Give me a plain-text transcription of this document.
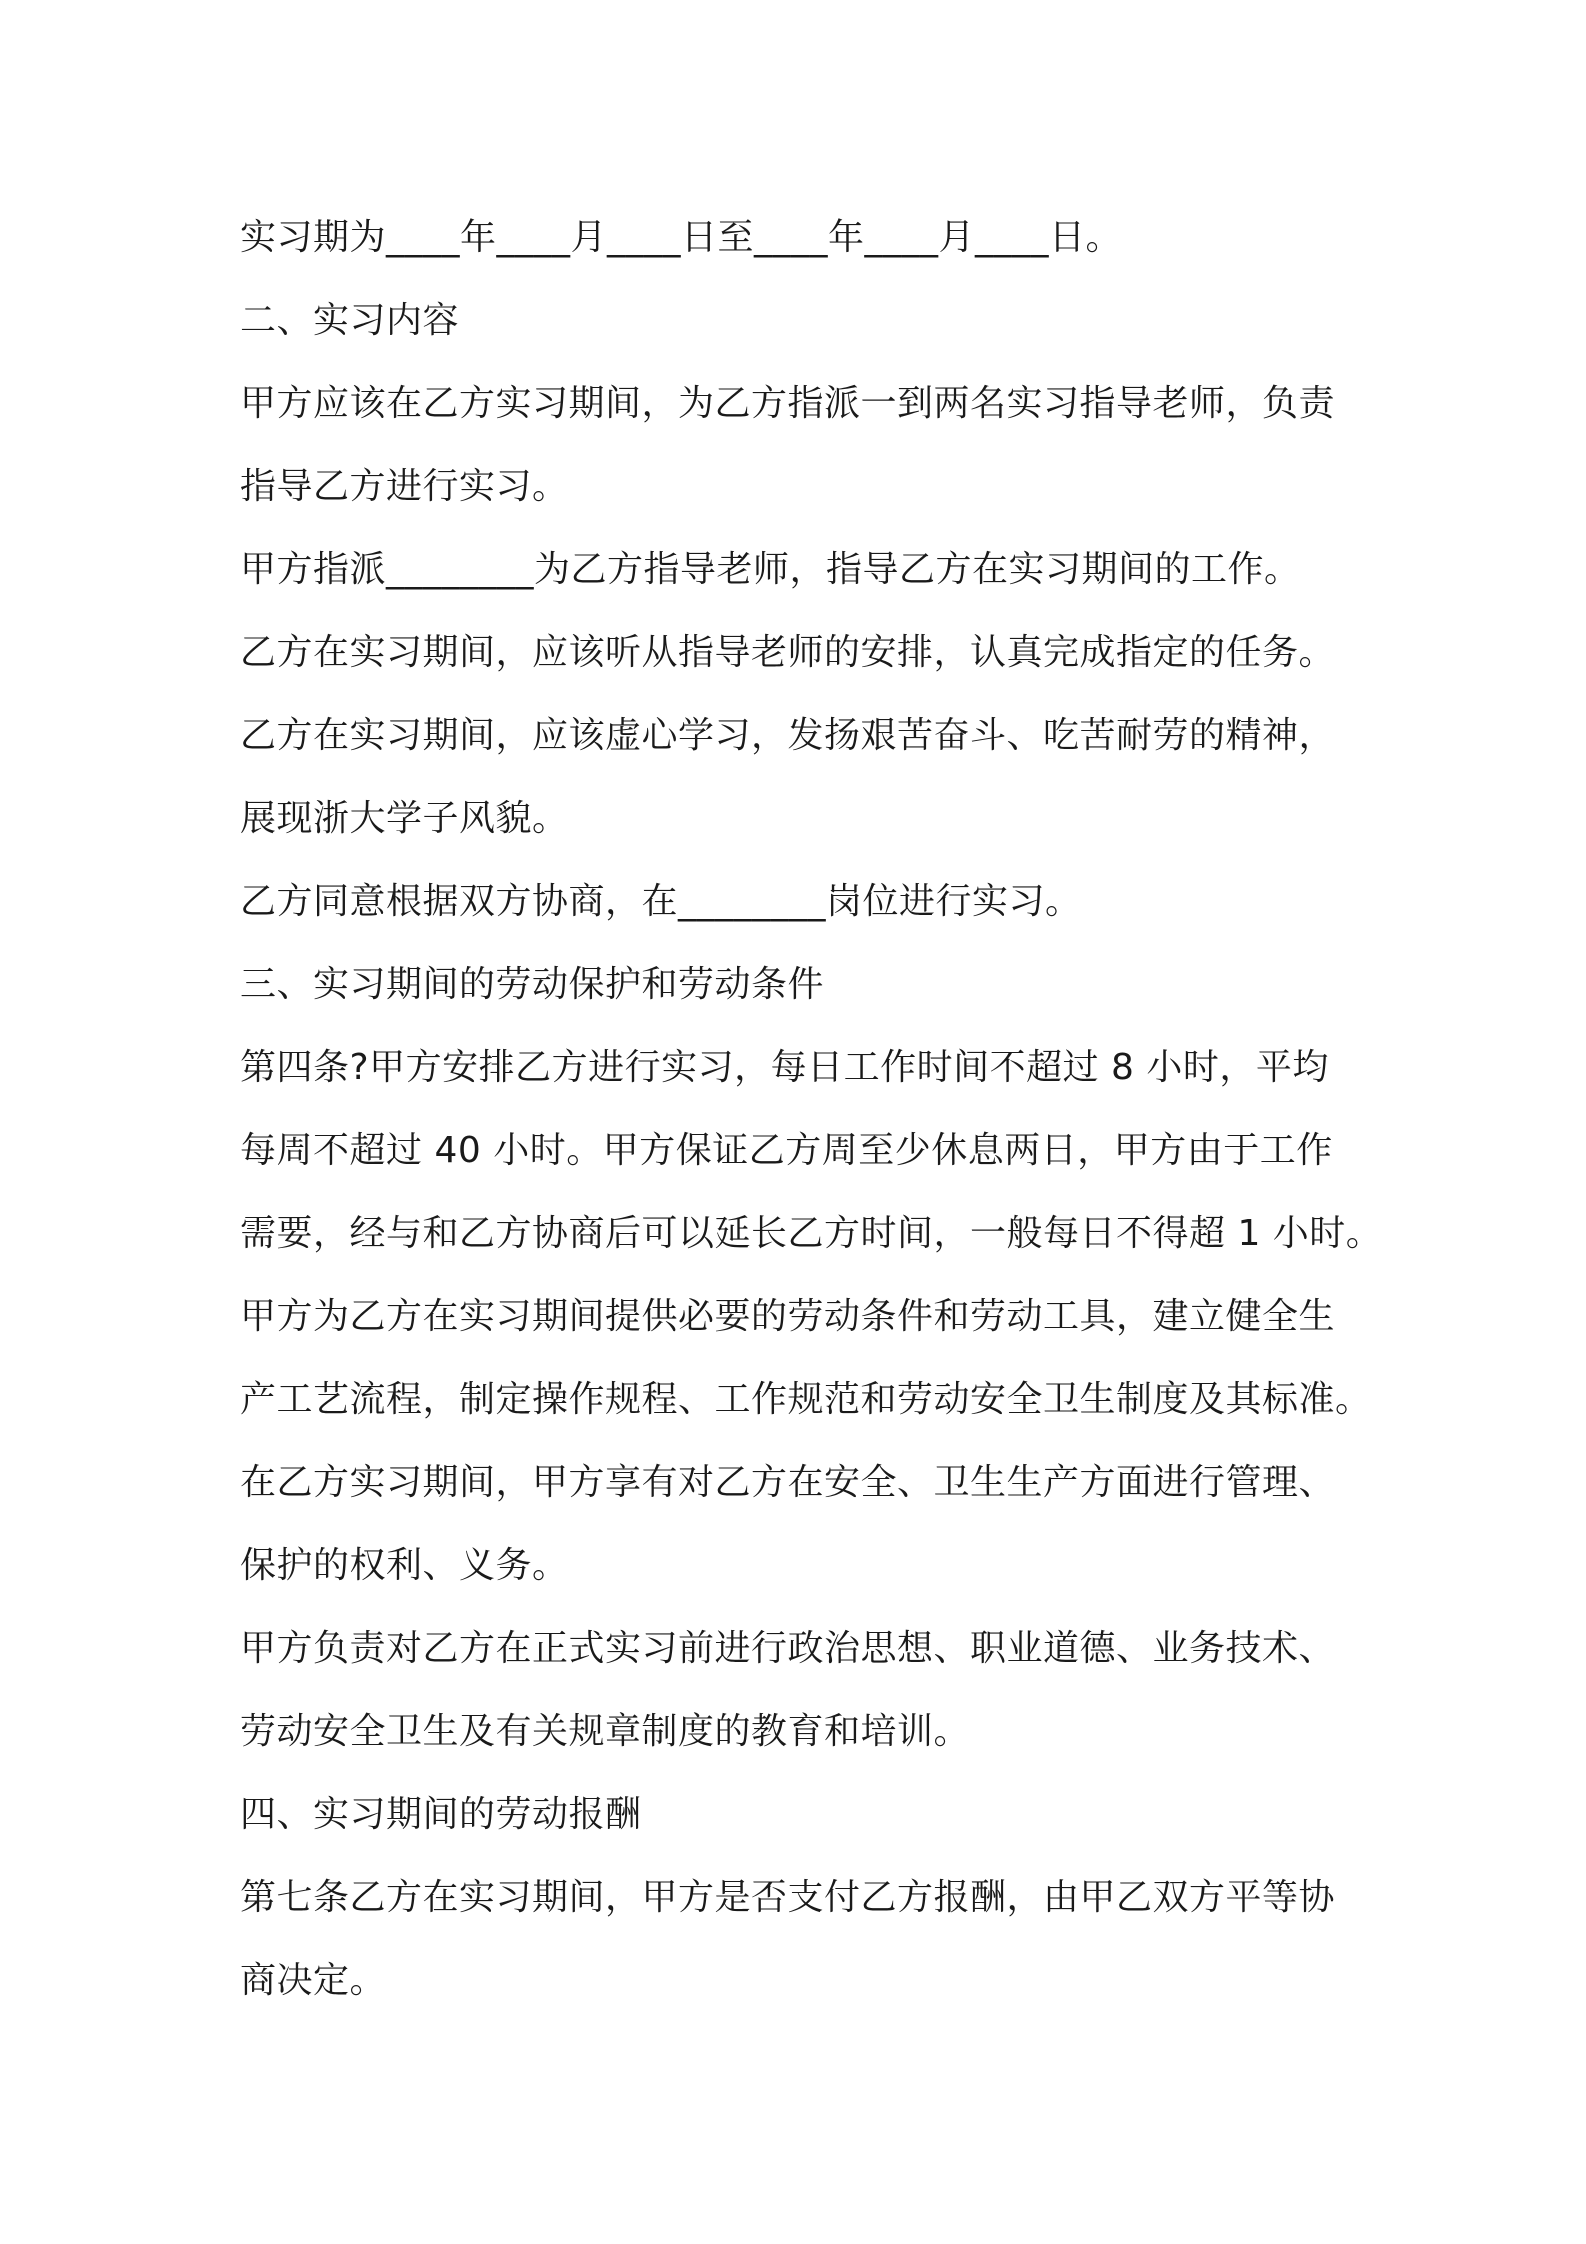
实习期为____年____月____日至____年____月____日。
二、实习内容
甲方应该在乙方实习期间，为乙方指派一到两名实习指导老师，负责
指导乙方进行实习。
甲方指派________为乙方指导老师，指导乙方在实习期间的工作。
乙方在实习期间，应该听从指导老师的安排，认真完成指定的任务。
乙方在实习期间，应该虚心学习，发扬艰苦奋斗、吃苦耐劳的精神，
展现浙大学子风貌。
乙方同意根据双方协商，在________岗位进行实习。
三、实习期间的劳动保护和劳动条件
第四条?甲方安排乙方进行实习，每日工作时间不超过 8 小时，平均
每周不超过 40 小时。甲方保证乙方周至少休息两日，甲方由于工作
需要，经与和乙方协商后可以延长乙方时间，一般每日不得超 1 小时。
甲方为乙方在实习期间提供必要的劳动条件和劳动工具，建立健全生
产工艺流程，制定操作规程、工作规范和劳动安全卫生制度及其标准。
在乙方实习期间，甲方享有对乙方在安全、卫生生产方面进行管理、
保护的权利、义务。
甲方负责对乙方在正式实习前进行政治思想、职业道德、业务技术、
劳动安全卫生及有关规章制度的教育和培训。
四、实习期间的劳动报酬
第七条乙方在实习期间，甲方是否支付乙方报酬，由甲乙双方平等协
商决定。
